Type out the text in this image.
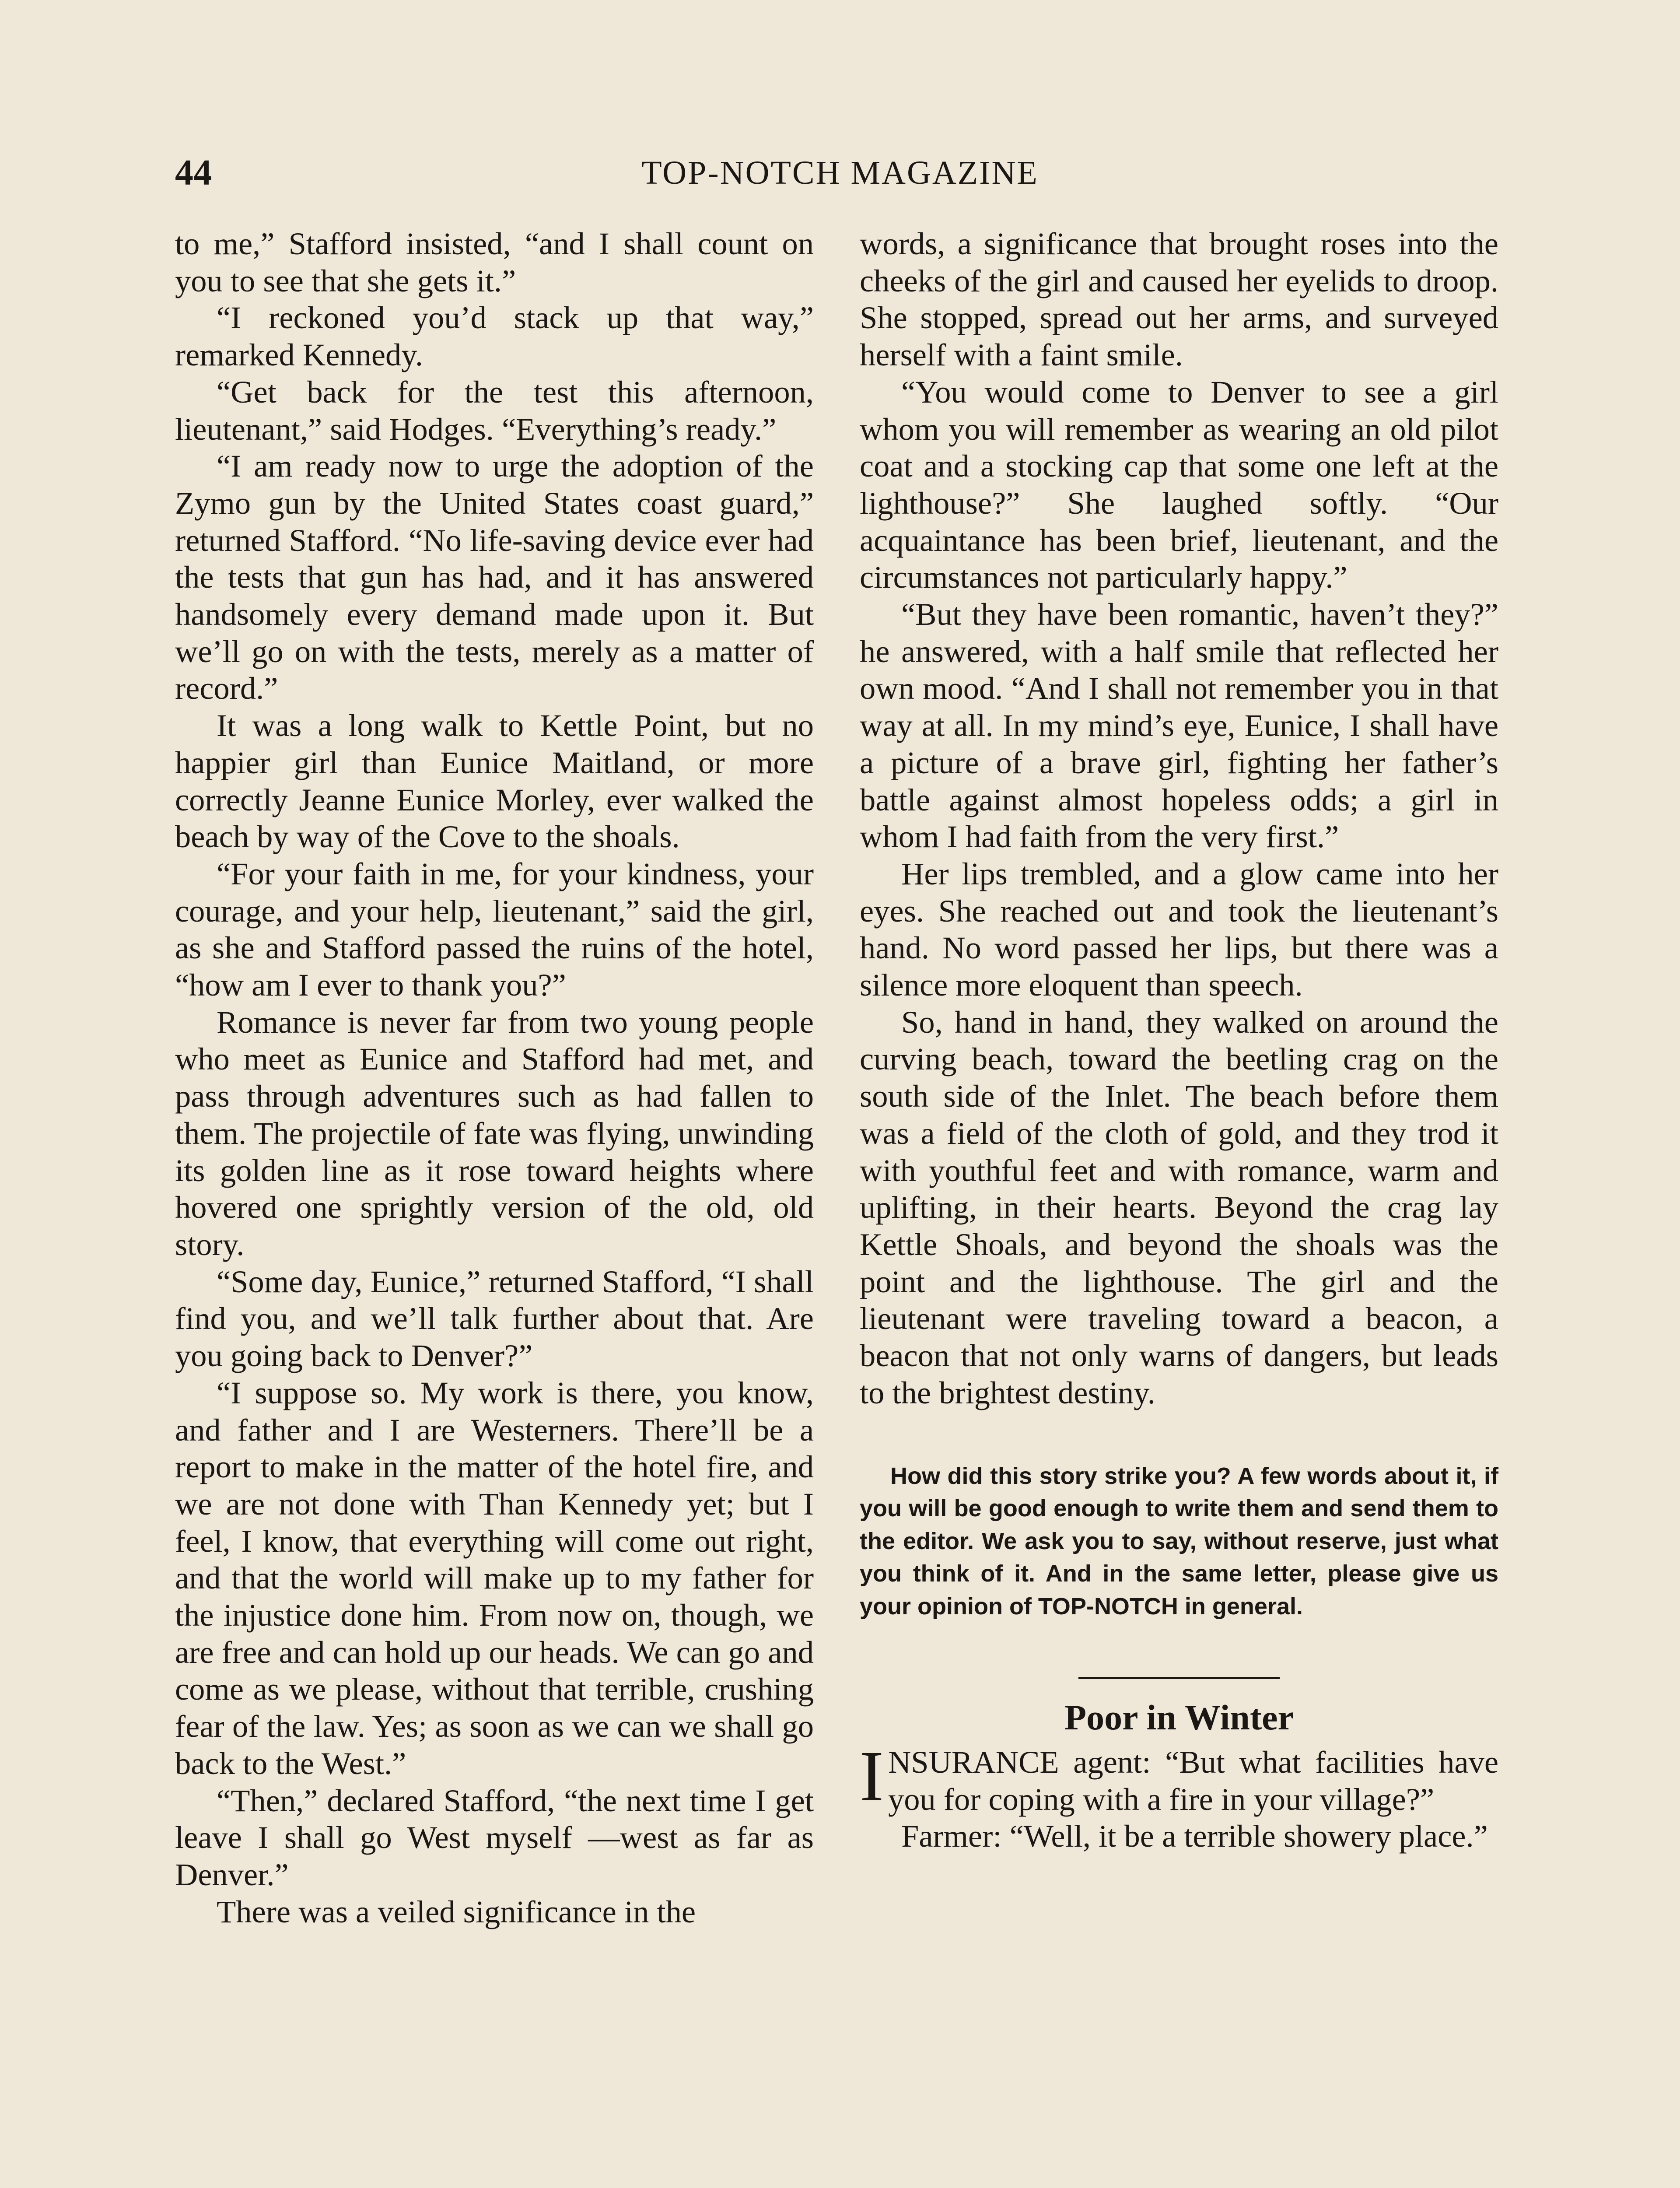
TOP-NOTCH MAGAZINE
44

to me,” Stafford insisted, “and I shall count on you to see that she gets it.”

“I reckoned you’d stack up that way,” remarked Kennedy.

“Get back for the test this afternoon, lieutenant,” said Hodges. “Everything’s ready.”

“I am ready now to urge the adoption of the Zymo gun by the United States coast guard,” returned Stafford. “No life-saving device ever had the tests that gun has had, and it has answered handsomely every demand made upon it. But we’ll go on with the tests, merely as a matter of record.”

It was a long walk to Kettle Point, but no happier girl than Eunice Maitland, or more correctly Jeanne Eunice Morley, ever walked the beach by way of the Cove to the shoals.

“For your faith in me, for your kindness, your courage, and your help, lieutenant,” said the girl, as she and Stafford passed the ruins of the hotel, “how am I ever to thank you?”

Romance is never far from two young people who meet as Eunice and Stafford had met, and pass through adventures such as had fallen to them. The projectile of fate was flying, unwinding its golden line as it rose toward heights where hovered one sprightly version of the old, old story.

“Some day, Eunice,” returned Stafford, “I shall find you, and we’ll talk further about that. Are you going back to Denver?”

“I suppose so. My work is there, you know, and father and I are Westerners. There’ll be a report to make in the matter of the hotel fire, and we are not done with Than Kennedy yet; but I feel, I know, that everything will come out right, and that the world will make up to my father for the injustice done him. From now on, though, we are free and can hold up our heads. We can go and come as we please, without that terrible, crushing fear of the law. Yes; as soon as we can we shall go back to the West.”

“Then,” declared Stafford, “the next time I get leave I shall go West myself —west as far as Denver.”

There was a veiled significance in the

words, a significance that brought roses into the cheeks of the girl and caused her eyelids to droop. She stopped, spread out her arms, and surveyed herself with a faint smile.

“You would come to Denver to see a girl whom you will remember as wearing an old pilot coat and a stocking cap that some one left at the lighthouse?” She laughed softly. “Our acquaintance has been brief, lieutenant, and the circumstances not particularly happy.”

“But they have been romantic, haven’t they?” he answered, with a half smile that reflected her own mood. “And I shall not remember you in that way at all. In my mind’s eye, Eunice, I shall have a picture of a brave girl, fighting her father’s battle against almost hopeless odds; a girl in whom I had faith from the very first.”

Her lips trembled, and a glow came into her eyes. She reached out and took the lieutenant’s hand. No word passed her lips, but there was a silence more eloquent than speech.

So, hand in hand, they walked on around the curving beach, toward the beetling crag on the south side of the Inlet. The beach before them was a field of the cloth of gold, and they trod it with youthful feet and with romance, warm and uplifting, in their hearts. Beyond the crag lay Kettle Shoals, and beyond the shoals was the point and the lighthouse. The girl and the lieutenant were traveling toward a beacon, a beacon that not only warns of dangers, but leads to the brightest destiny.

How did this story strike you? A few words about it, if you will be good enough to write them and send them to the editor. We ask you to say, without reserve, just what you think of it. And in the same letter, please give us your opinion of TOP-NOTCH in general.

Poor in Winter

INSURANCE agent: “But what facilities have you for coping with a fire in your village?”

Farmer: “Well, it be a terrible showery place.”
